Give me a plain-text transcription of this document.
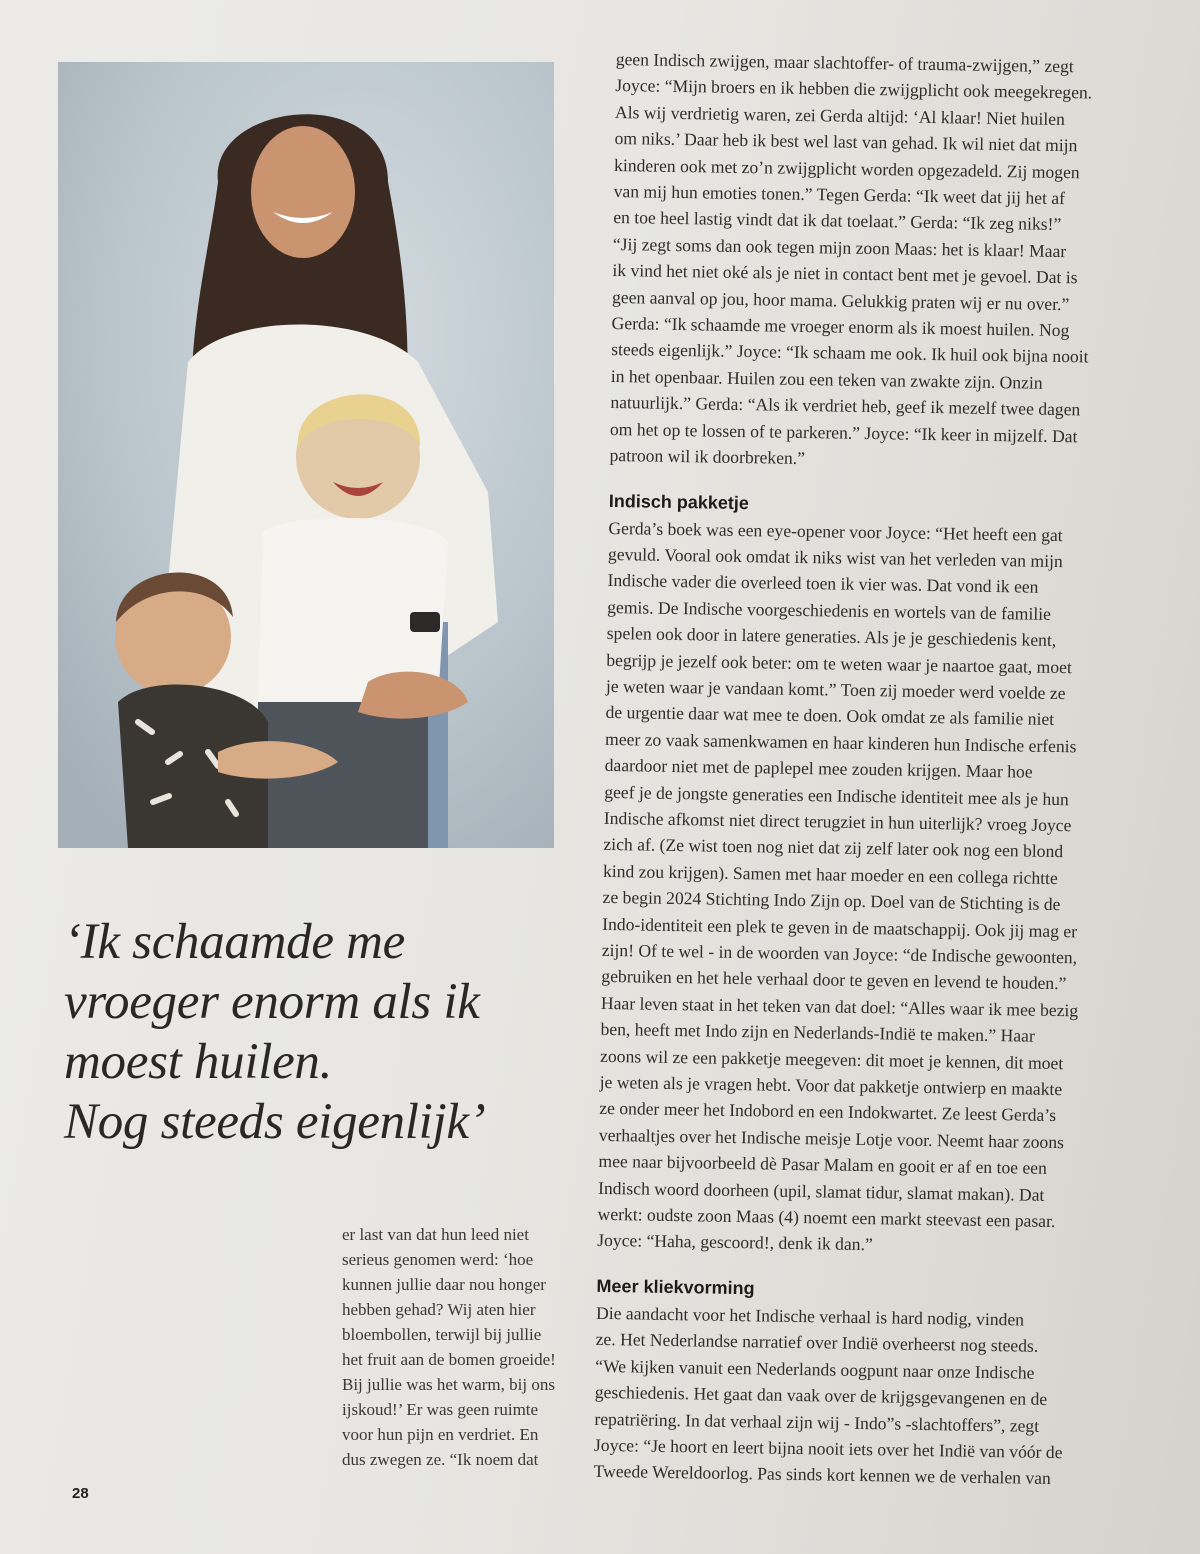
‘Ik schaamde me
vroeger enorm als ik
moest huilen.
Nog steeds eigenlijk’
er last van dat hun leed niet
serieus genomen werd: ‘hoe
kunnen jullie daar nou honger
hebben gehad? Wij aten hier
bloembollen, terwijl bij jullie
het fruit aan de bomen groeide!
Bij jullie was het warm, bij ons
ijskoud!’ Er was geen ruimte
voor hun pijn en verdriet. En
dus zwegen ze. “Ik noem dat
28
geen Indisch zwijgen, maar slachtoffer- of trauma-zwijgen,” zegt
Joyce: “Mijn broers en ik hebben die zwijgplicht ook meegekregen.
Als wij verdrietig waren, zei Gerda altijd: ‘Al klaar! Niet huilen
om niks.’ Daar heb ik best wel last van gehad. Ik wil niet dat mijn
kinderen ook met zo’n zwijgplicht worden opgezadeld. Zij mogen
van mij hun emoties tonen.” Tegen Gerda: “Ik weet dat jij het af
en toe heel lastig vindt dat ik dat toelaat.” Gerda: “Ik zeg niks!”
“Jij zegt soms dan ook tegen mijn zoon Maas: het is klaar! Maar
ik vind het niet oké als je niet in contact bent met je gevoel. Dat is
geen aanval op jou, hoor mama. Gelukkig praten wij er nu over.”
Gerda: “Ik schaamde me vroeger enorm als ik moest huilen. Nog
steeds eigenlijk.” Joyce: “Ik schaam me ook. Ik huil ook bijna nooit
in het openbaar. Huilen zou een teken van zwakte zijn. Onzin
natuurlijk.” Gerda: “Als ik verdriet heb, geef ik mezelf twee dagen
om het op te lossen of te parkeren.” Joyce: “Ik keer in mijzelf. Dat
patroon wil ik doorbreken.”
Indisch pakketje
Gerda’s boek was een eye-opener voor Joyce: “Het heeft een gat
gevuld. Vooral ook omdat ik niks wist van het verleden van mijn
Indische vader die overleed toen ik vier was. Dat vond ik een
gemis. De Indische voorgeschiedenis en wortels van de familie
spelen ook door in latere generaties. Als je je geschiedenis kent,
begrijp je jezelf ook beter: om te weten waar je naartoe gaat, moet
je weten waar je vandaan komt.” Toen zij moeder werd voelde ze
de urgentie daar wat mee te doen. Ook omdat ze als familie niet
meer zo vaak samenkwamen en haar kinderen hun Indische erfenis
daardoor niet met de paplepel mee zouden krijgen. Maar hoe
geef je de jongste generaties een Indische identiteit mee als je hun
Indische afkomst niet direct terugziet in hun uiterlijk? vroeg Joyce
zich af. (Ze wist toen nog niet dat zij zelf later ook nog een blond
kind zou krijgen). Samen met haar moeder en een collega richtte
ze begin 2024 Stichting Indo Zijn op. Doel van de Stichting is de
Indo-identiteit een plek te geven in de maatschappij. Ook jij mag er
zijn! Of te wel - in de woorden van Joyce: “de Indische gewoonten,
gebruiken en het hele verhaal door te geven en levend te houden.”
Haar leven staat in het teken van dat doel: “Alles waar ik mee bezig
ben, heeft met Indo zijn en Nederlands-Indië te maken.” Haar
zoons wil ze een pakketje meegeven: dit moet je kennen, dit moet
je weten als je vragen hebt. Voor dat pakketje ontwierp en maakte
ze onder meer het Indobord en een Indokwartet. Ze leest Gerda’s
verhaaltjes over het Indische meisje Lotje voor. Neemt haar zoons
mee naar bijvoorbeeld dè Pasar Malam en gooit er af en toe een
Indisch woord doorheen (upil, slamat tidur, slamat makan). Dat
werkt: oudste zoon Maas (4) noemt een markt steevast een pasar.
Joyce: “Haha, gescoord!, denk ik dan.”
Meer kliekvorming
Die aandacht voor het Indische verhaal is hard nodig, vinden
ze. Het Nederlandse narratief over Indië overheerst nog steeds.
“We kijken vanuit een Nederlands oogpunt naar onze Indische
geschiedenis. Het gaat dan vaak over de krijgsgevangenen en de
repatriëring. In dat verhaal zijn wij - Indo”s -slachtoffers”, zegt
Joyce: “Je hoort en leert bijna nooit iets over het Indië van vóór de
Tweede Wereldoorlog. Pas sinds kort kennen we de verhalen van
